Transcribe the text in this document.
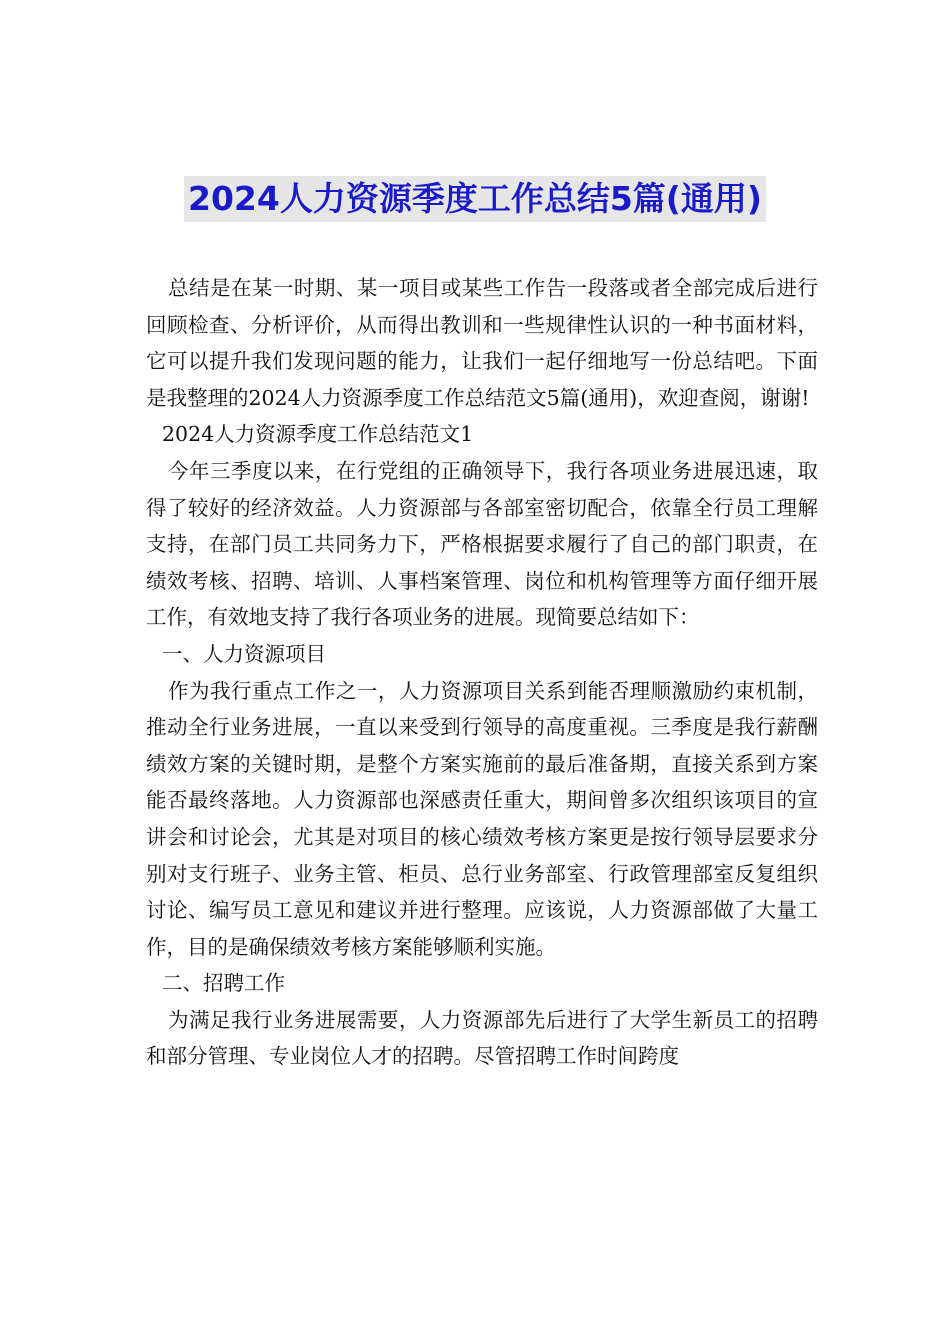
2024人力资源季度工作总结5篇(通用)

总结是在某一时期、某一项目或某些工作告一段落或者全部完成后进行回顾检查、分析评价，从而得出教训和一些规律性认识的一种书面材料，它可以提升我们发现问题的能力，让我们一起仔细地写一份总结吧。下面是我整理的2024人力资源季度工作总结范文5篇(通用)，欢迎查阅，谢谢!

2024人力资源季度工作总结范文1

今年三季度以来，在行党组的正确领导下，我行各项业务进展迅速，取得了较好的经济效益。人力资源部与各部室密切配合，依靠全行员工理解支持，在部门员工共同务力下，严格根据要求履行了自己的部门职责，在绩效考核、招聘、培训、人事档案管理、岗位和机构管理等方面仔细开展工作，有效地支持了我行各项业务的进展。现简要总结如下：

一、人力资源项目

作为我行重点工作之一，人力资源项目关系到能否理顺激励约束机制，推动全行业务进展，一直以来受到行领导的高度重视。三季度是我行薪酬绩效方案的关键时期，是整个方案实施前的最后准备期，直接关系到方案能否最终落地。人力资源部也深感责任重大，期间曾多次组织该项目的宣讲会和讨论会，尤其是对项目的核心绩效考核方案更是按行领导层要求分别对支行班子、业务主管、柜员、总行业务部室、行政管理部室反复组织讨论、编写员工意见和建议并进行整理。应该说，人力资源部做了大量工作，目的是确保绩效考核方案能够顺利实施。

二、招聘工作

为满足我行业务进展需要，人力资源部先后进行了大学生新员工的招聘和部分管理、专业岗位人才的招聘。尽管招聘工作时间跨度
